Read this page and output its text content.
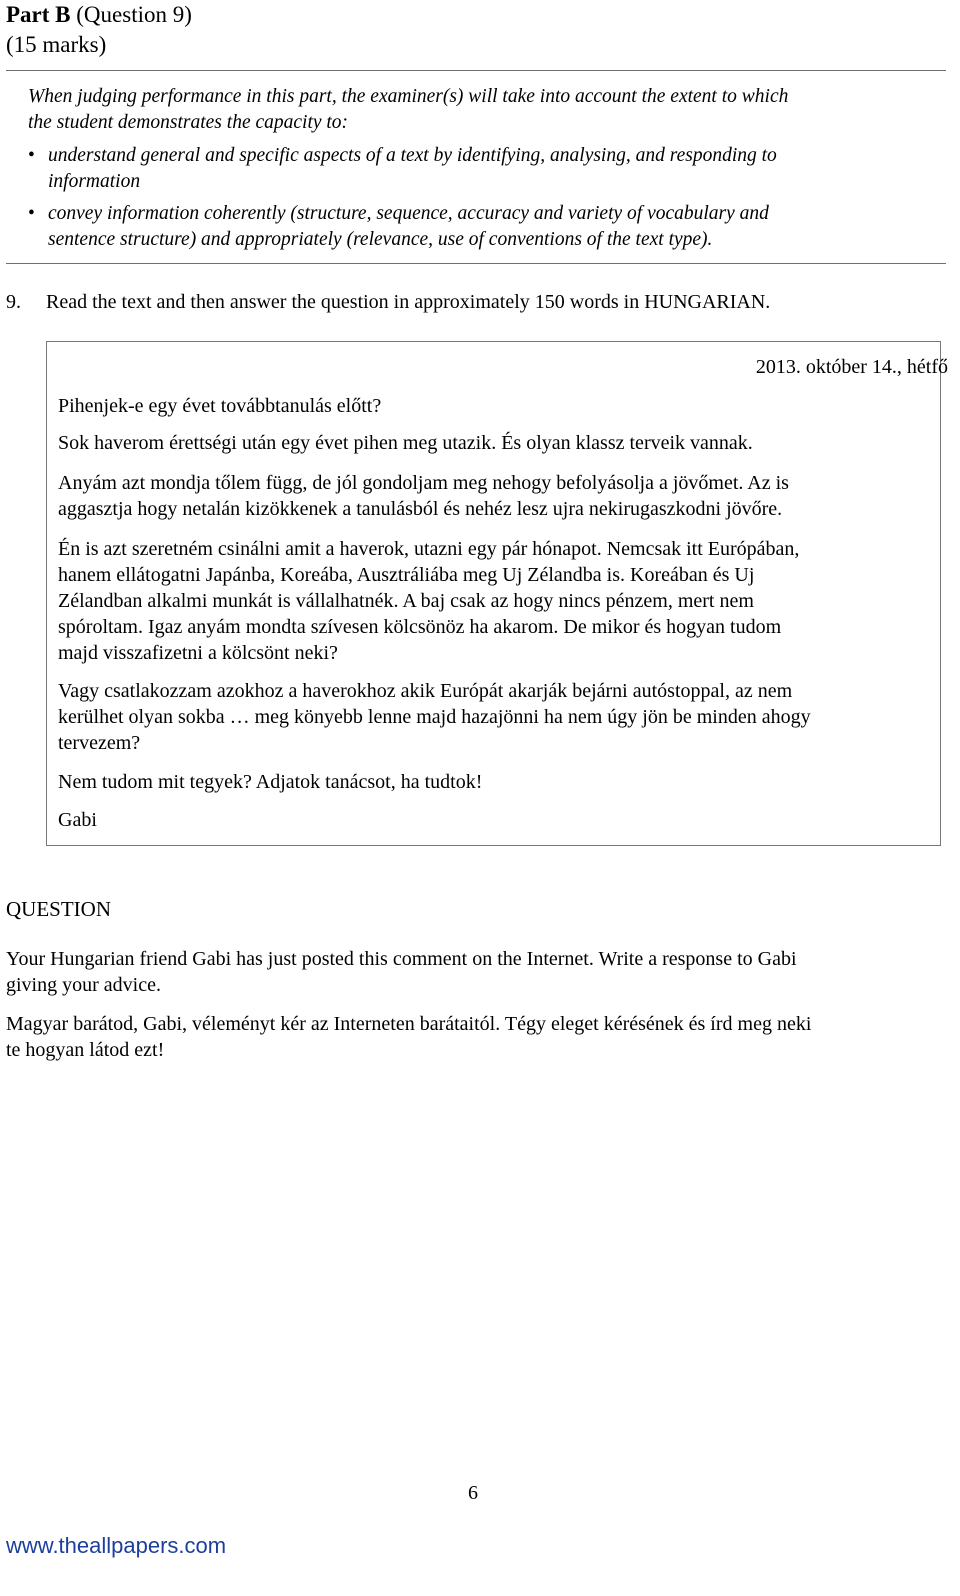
Part B (Question 9)
(15 marks)
When judging performance in this part, the examiner(s) will take into account the extent to which
the student demonstrates the capacity to:
• understand general and specific aspects of a text by identifying, analysing, and responding to
information
• convey information coherently (structure, sequence, accuracy and variety of vocabulary and
sentence structure) and appropriately (relevance, use of conventions of the text type).
9. Read the text and then answer the question in approximately 150 words in HUNGARIAN.
2013. október 14., hétfő
Pihenjek-e egy évet továbbtanulás előtt?
Sok haverom érettségi után egy évet pihen meg utazik. És olyan klassz terveik vannak.
Anyám azt mondja tőlem függ, de jól gondoljam meg nehogy befolyásolja a jövőmet. Az is
aggasztja hogy netalán kizökkenek a tanulásból és nehéz lesz ujra nekirugaszkodni jövőre.
Én is azt szeretném csinálni amit a haverok, utazni egy pár hónapot. Nemcsak itt Európában,
hanem ellátogatni Japánba, Koreába, Ausztráliába meg Uj Zélandba is. Koreában és Uj
Zélandban alkalmi munkát is vállalhatnék. A baj csak az hogy nincs pénzem, mert nem
spóroltam. Igaz anyám mondta szívesen kölcsönöz ha akarom. De mikor és hogyan tudom
majd visszafizetni a kölcsönt neki?
Vagy csatlakozzam azokhoz a haverokhoz akik Európát akarják bejárni autóstoppal, az nem
kerülhet olyan sokba … meg könyebb lenne majd hazajönni ha nem úgy jön be minden ahogy
tervezem?
Nem tudom mit tegyek? Adjatok tanácsot, ha tudtok!
Gabi
QUESTION
Your Hungarian friend Gabi has just posted this comment on the Internet. Write a response to Gabi
giving your advice.
Magyar barátod, Gabi, véleményt kér az Interneten barátaitól. Tégy eleget kérésének és írd meg neki
te hogyan látod ezt!
6
www.theallpapers.com
